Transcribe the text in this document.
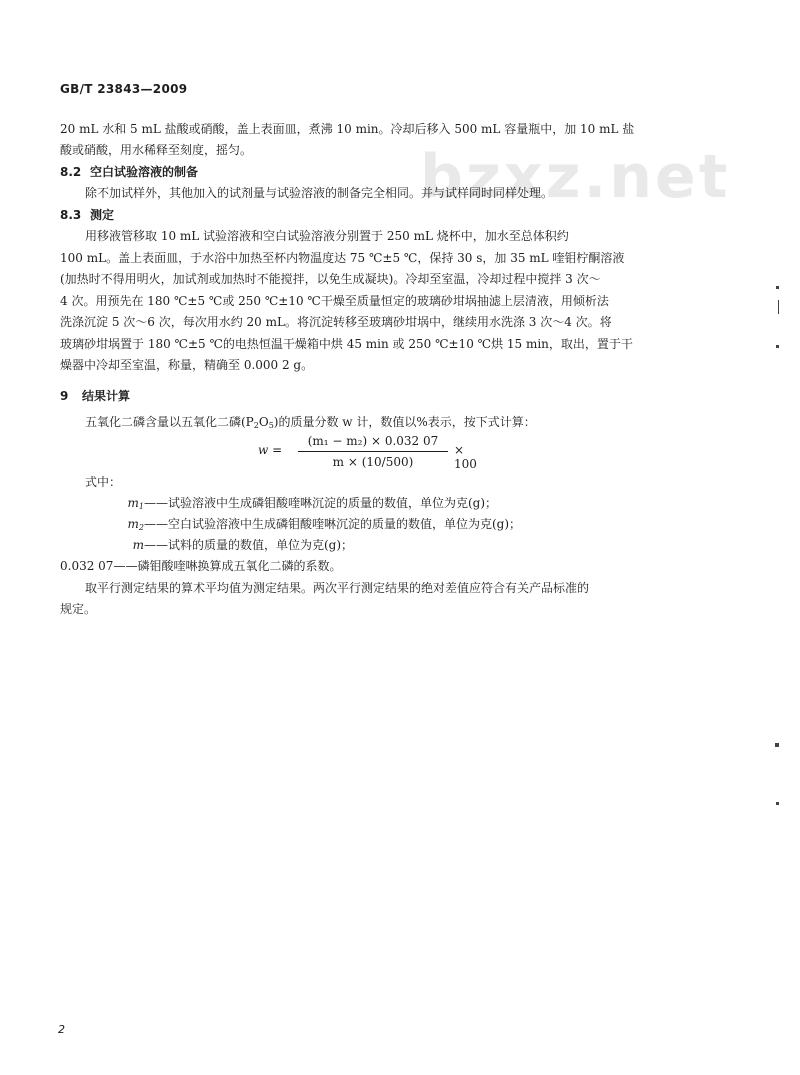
bzxz.net
GB/T 23843—2009
20 mL 水和 5 mL 盐酸或硝酸，盖上表面皿，煮沸 10 min。冷却后移入 500 mL 容量瓶中，加 10 mL 盐
酸或硝酸，用水稀释至刻度，摇匀。
8.2 空白试验溶液的制备
除不加试样外，其他加入的试剂量与试验溶液的制备完全相同。并与试样同时同样处理。
8.3 测定
用移液管移取 10 mL 试验溶液和空白试验溶液分别置于 250 mL 烧杯中，加水至总体积约
100 mL。盖上表面皿，于水浴中加热至杯内物温度达 75 ℃±5 ℃，保持 30 s，加 35 mL 喹钼柠酮溶液
(加热时不得用明火，加试剂或加热时不能搅拌，以免生成凝块)。冷却至室温，冷却过程中搅拌 3 次～
4 次。用预先在 180 ℃±5 ℃或 250 ℃±10 ℃干燥至质量恒定的玻璃砂坩埚抽滤上层清液，用倾析法
洗涤沉淀 5 次～6 次，每次用水约 20 mL。将沉淀转移至玻璃砂坩埚中，继续用水洗涤 3 次～4 次。将
玻璃砂坩埚置于 180 ℃±5 ℃的电热恒温干燥箱中烘 45 min 或 250 ℃±10 ℃烘 15 min，取出，置于干
燥器中冷却至室温，称量，精确至 0.000 2 g。
9 结果计算
五氧化二磷含量以五氧化二磷$(P_2O_5)$的质量分数 w 计，数值以%表示，按下式计算：
w =
(m₁ − m₂) × 0.032 07
m × (10/500)
× 100
式中：
$m_1——$试验溶液中生成磷钼酸喹啉沉淀的质量的数值，单位为克(g)；
$m_2——$空白试验溶液中生成磷钼酸喹啉沉淀的质量的数值，单位为克(g)；
m——试料的质量的数值，单位为克(g)；
0.032 07——磷钼酸喹啉换算成五氧化二磷的系数。
取平行测定结果的算术平均值为测定结果。两次平行测定结果的绝对差值应符合有关产品标准的
规定。
2
